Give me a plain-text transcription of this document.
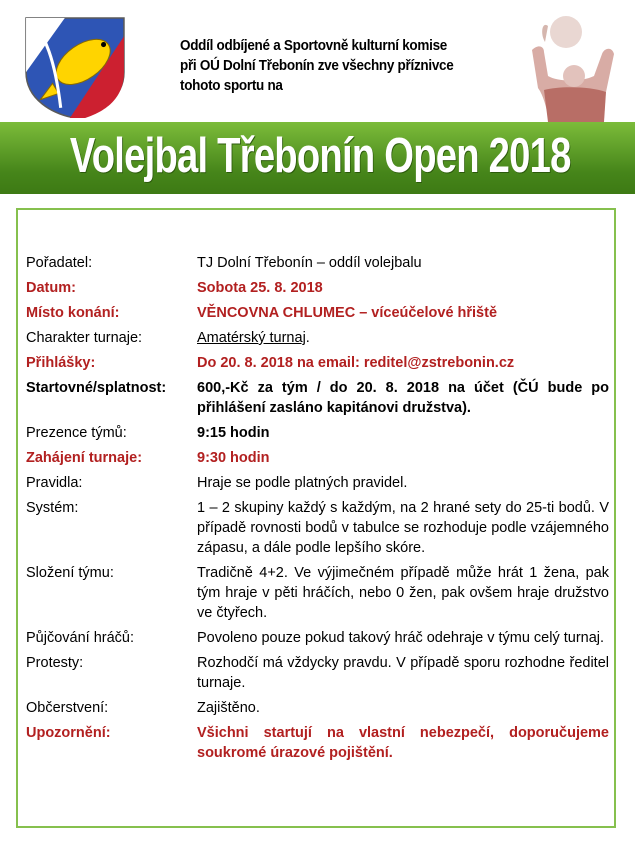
Oddíl odbíjené a Sportovně kulturní komise
při OÚ Dolní Třebonín zve všechny příznivce
tohoto sportu na
Volejbal Třebonín Open 2018
Pořadatel:	TJ Dolní Třebonín – oddíl volejbalu
Datum:	Sobota 25. 8. 2018
Místo konání:	VĚNCOVNA CHLUMEC – víceúčelové hřiště
Charakter turnaje:	Amatérský turnaj.
Přihlášky:	Do 20. 8. 2018 na email: reditel@zstrebonin.cz
Startovné/splatnost:	600,-Kč za tým / do 20. 8. 2018 na účet (ČÚ bude po přihlášení zasláno kapitánovi družstva).
Prezence týmů:	9:15 hodin
Zahájení turnaje:	9:30 hodin
Pravidla:	Hraje se podle platných pravidel.
Systém:	1 – 2 skupiny každý s každým, na 2 hrané sety do 25-ti bodů. V případě rovnosti bodů v tabulce se rozhoduje podle vzájemného zápasu, a dále podle lepšího skóre.
Složení týmu:	Tradičně 4+2. Ve výjimečném případě může hrát 1 žena, pak tým hraje v pěti hráčích, nebo 0 žen, pak ovšem hraje družstvo ve čtyřech.
Půjčování hráčů:	Povoleno pouze pokud takový hráč odehraje v týmu celý turnaj.
Protesty:	Rozhodčí má vždycky pravdu. V případě sporu rozhodne ředitel turnaje.
Občerstvení:	Zajištěno.
Upozornění:	Všichni startují na vlastní nebezpečí, doporučujeme soukromé úrazové pojištění.
